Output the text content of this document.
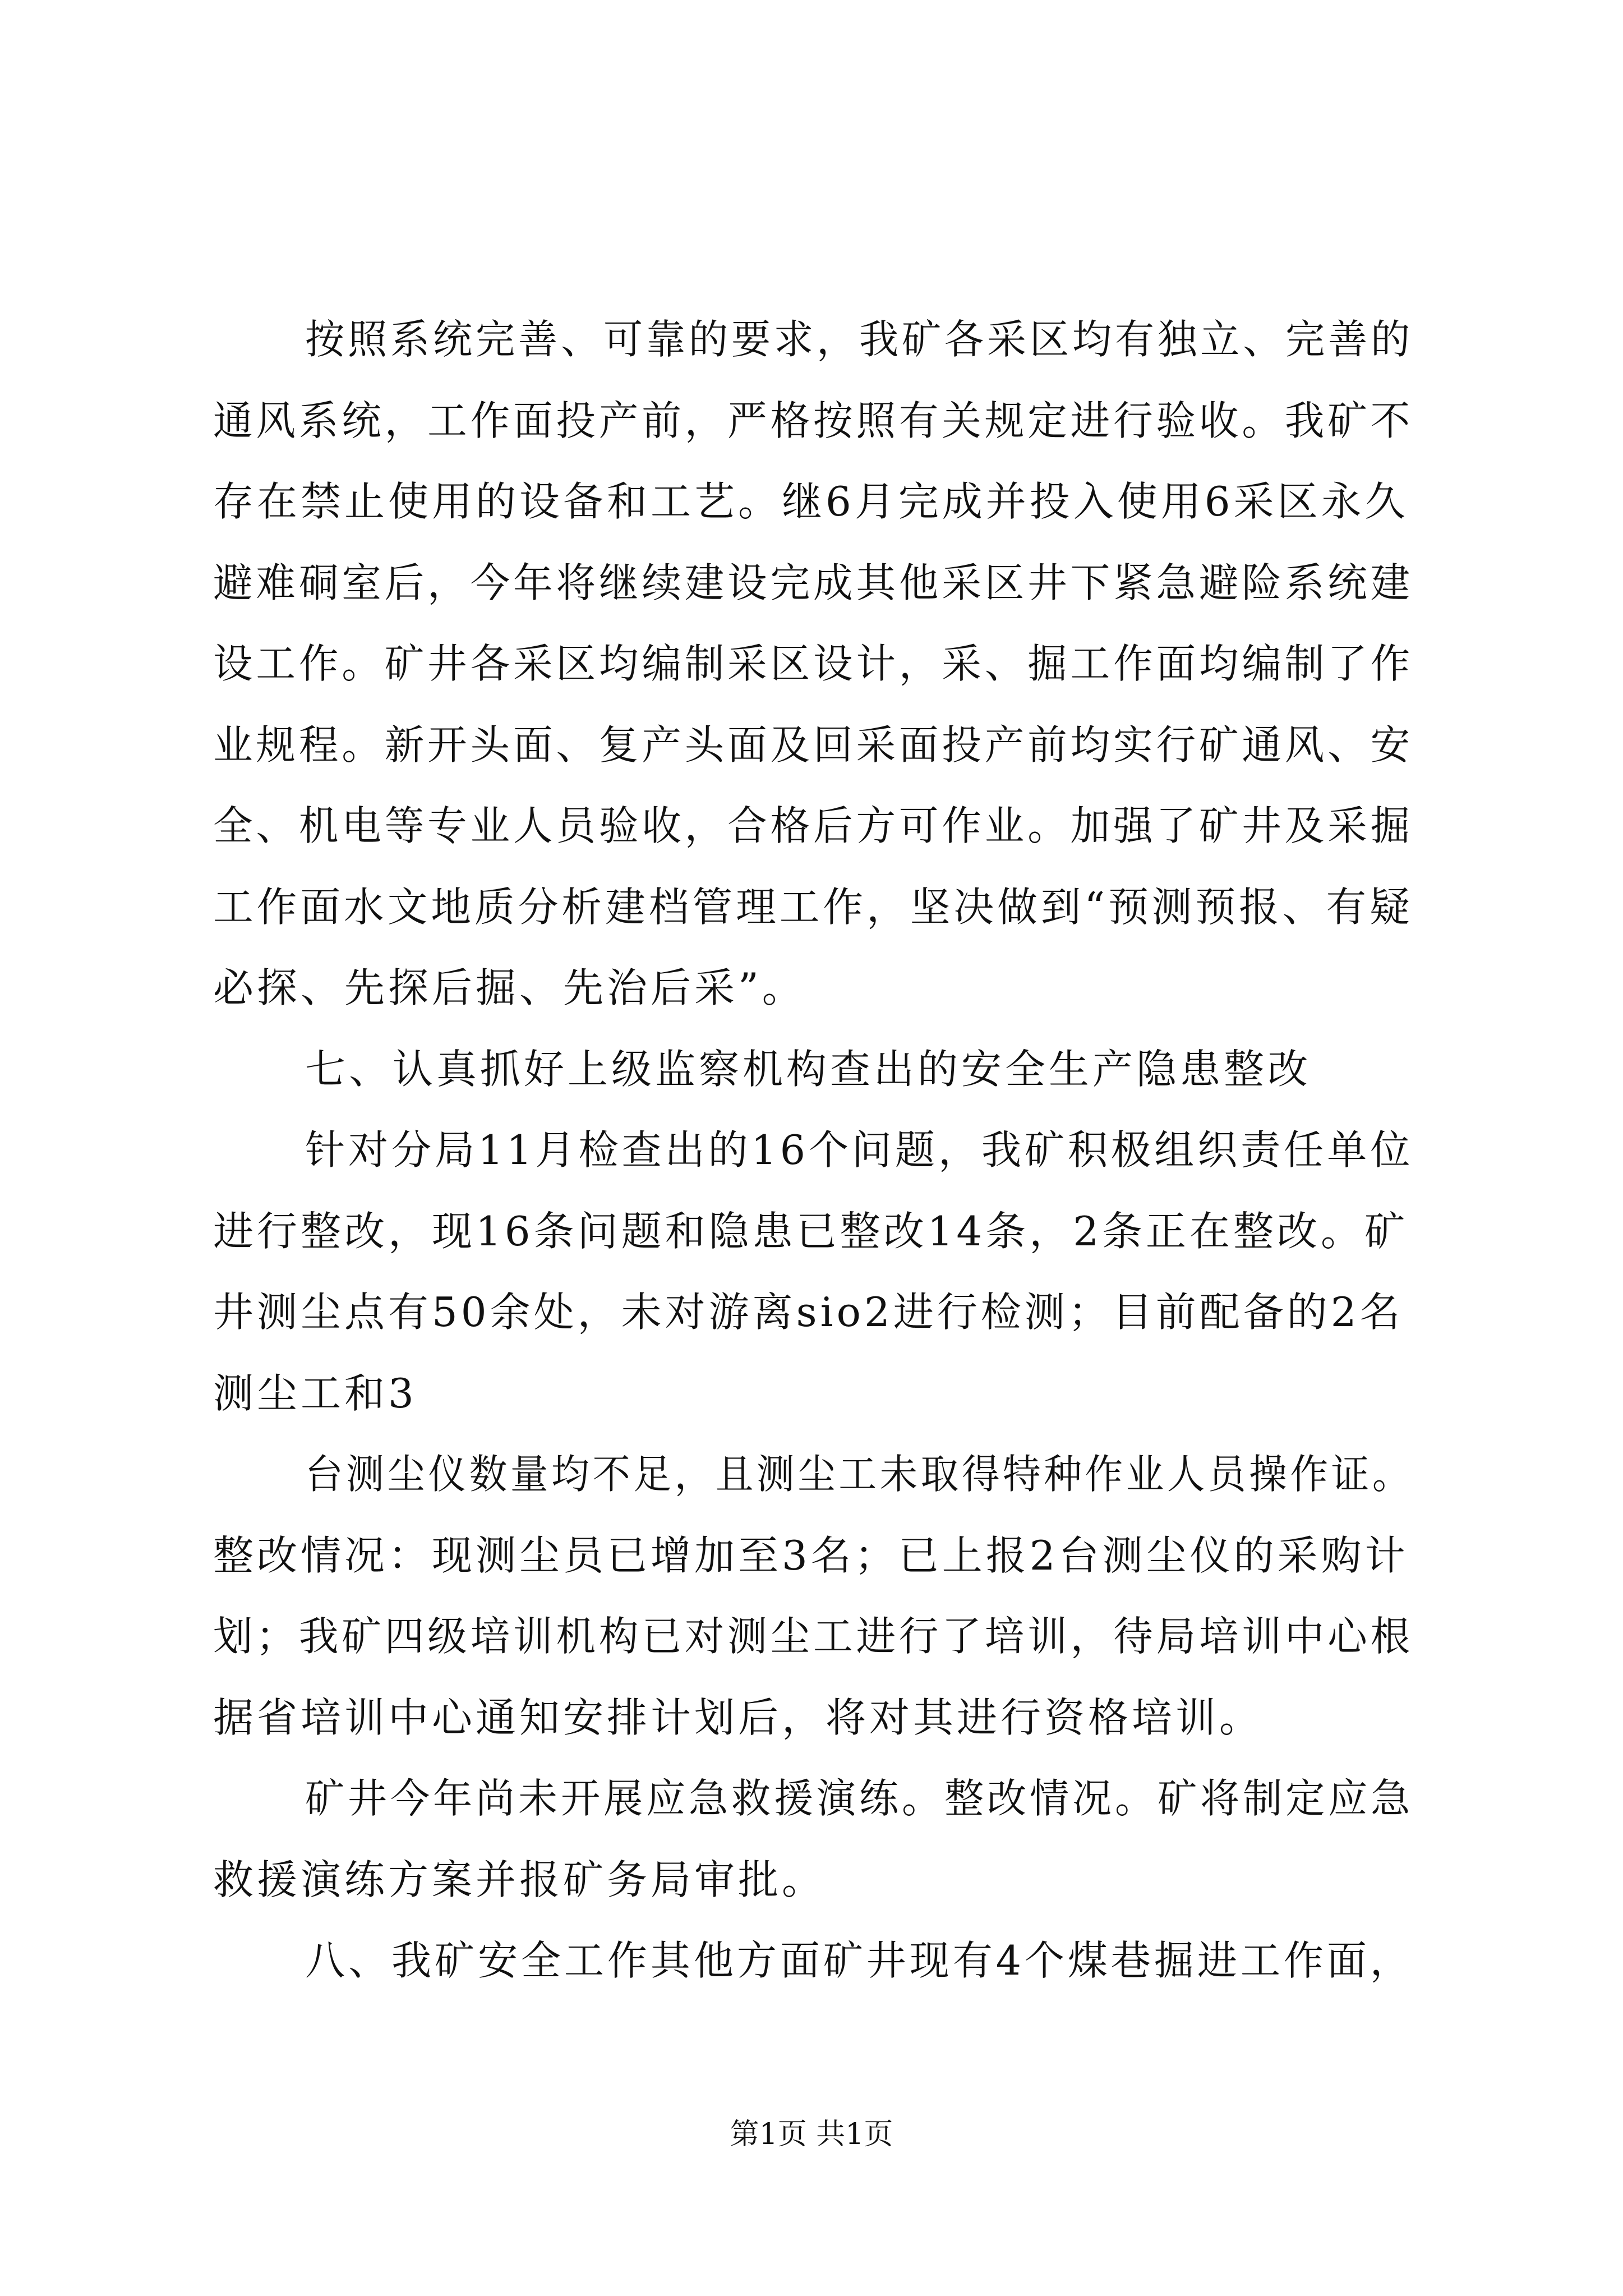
按照系统完善、可靠的要求，我矿各采区均有独立、完善的
通风系统，工作面投产前，严格按照有关规定进行验收。我矿不
存在禁止使用的设备和工艺。继6月完成并投入使用6采区永久
避难硐室后，今年将继续建设完成其他采区井下紧急避险系统建
设工作。矿井各采区均编制采区设计，采、掘工作面均编制了作
业规程。新开头面、复产头面及回采面投产前均实行矿通风、安
全、机电等专业人员验收，合格后方可作业。加强了矿井及采掘
工作面水文地质分析建档管理工作，坚决做到“预测预报、有疑
必探、先探后掘、先治后采”。
七、认真抓好上级监察机构查出的安全生产隐患整改
针对分局11月检查出的16个问题，我矿积极组织责任单位
进行整改，现16条问题和隐患已整改14条，2条正在整改。矿
井测尘点有50余处，未对游离sio2进行检测；目前配备的2名
测尘工和3
台测尘仪数量均不足，且测尘工未取得特种作业人员操作证。
整改情况：现测尘员已增加至3名；已上报2台测尘仪的采购计
划；我矿四级培训机构已对测尘工进行了培训，待局培训中心根
据省培训中心通知安排计划后，将对其进行资格培训。
矿井今年尚未开展应急救援演练。整改情况。矿将制定应急
救援演练方案并报矿务局审批。
八、我矿安全工作其他方面矿井现有4个煤巷掘进工作面，
第1页 共1页
